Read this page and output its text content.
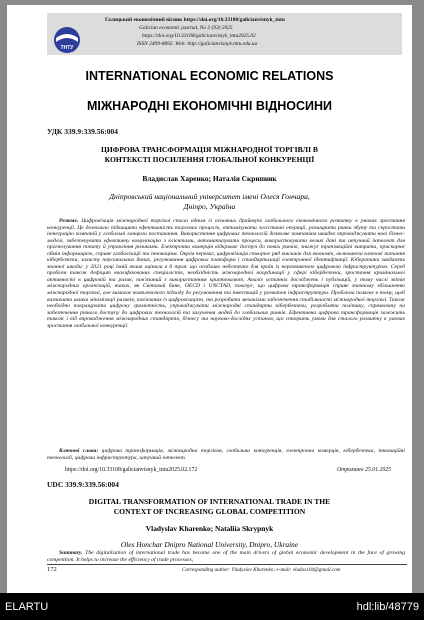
ТНТУ
Галицький економічний вісник https://doi.org/10.33108/galicianvisnyk_tntu
Galician economic journal, No 2 (93) 2025
https://doi.org/10.33108/galicianvisnyk_tntu2025.02
ISSN 2409-8892. Web: http://galicianvisnyk.tntu.edu.ua
INTERNATIONAL ECONOMIC RELATIONS
МІЖНАРОДНІ ЕКОНОМІЧНІ ВІДНОСИНИ
УДК 339.9:339.56:004
ЦИФРОВА ТРАНСФОРМАЦІЯ МІЖНАРОДНОЇ ТОРГІВЛІ В
КОНТЕКСТІ ПОСИЛЕННЯ ГЛОБАЛЬНОЇ КОНКУРЕНЦІЇ
Владислав Харенко; Наталія Скрипник
Дніпровський національний університет імені Олеся Гончара,
Дніпро, Україна

Резюме. Цифровізація міжнародної торгівлі стала одним із основних драйверів глобального економічного розвитку в умовах зростання конкуренції. Це дозволило підвищити ефективність торгових процесів, оптимізувати логістичні операції, розширити ринки збуту та спростити інтеграцію компаній у глобальні ланцюги постачання. Використання цифрових технологій дозволяє компаніям швидко впроваджувати нові бізнес-моделі, забезпечувати ефективну комунікацію з клієнтами, автоматизувати процеси, використовувати великі дані та штучний інтелект для прогнозування попиту й управління ризиками. Електронна комерція відкриває доступ до нових ринків, знижує транзакційні витрати, прискорює обмін інформацією, сприяє глобалізації та інноваціям. Окрім переваг, цифровізація створює ряд викликів для економік, включаючи ключові питання кібербезпеки, захисту персональних даних, регулювання цифрових платформ і стандартизації електронної ідентифікації. Кібератаки завдають значної шкоди: у 2021 році їхній вплив оцінили в 6 трлн. що особливо небезпечно для країн із нерозвиненою цифровою інфраструктурою. Серед проблем також дефіцит кваліфікованих спеціалістів, необхідність міжнародної координації у сфері кібербезпеки, зростання кримінальної активності в цифровій та ризик, пов'язаний з використанням криптовалют. Аналіз останніх досліджень і публікацій, у тому числі звітів міжнародних організацій, таких, як Світовий банк, OECD і UNCTAD, показує, що цифрова трансформація сприяє значному збільшенню міжнародної торгівлі, але вимагає комплексного підходу до регулювання та інвестицій у розвиток інфраструктури. Проблема полягає в тому, щоб визначити шляхи мінімізації ризиків, пов'язаних із цифровізацією, та розробити механізми забезпечення стабільності міжнародної торгівлі. Також необхідно покращувати цифрову грамотність, упроваджувати міжнародні стандарти кібербезпеки, розробляти політику, спрямовану на забезпечення рівного доступу до цифрових технологій та залучення людей до глобальних ринків. Ефективна цифрова трансформація залежить також і від впровадження міжнародних стандартів, бізнесу та науково-досліднх установ, що створить умови для сталого розвитку в умовах зростання глобальної конкуренції.

Ключові слова: цифрова трансформація, міжнародна торгівля, глобальна конкуренція, електронна комерція, кібербезпека, інноваційні технології, цифрова інфраструктура, штучний інтелект.

https://doi.org/10.33108/galicianvisnyk_tntu2025.02.172	Отримано 25.01.2025
UDC 339.9:339.56:004
DIGITAL TRANSFORMATION OF INTERNATIONAL TRADE IN THE
CONTEXT OF INCREASING GLOBAL COMPETITION
Vladyslav Kharenko; Nataliia Skrypnyk
Oles Honchar Dnipro National University, Dnipro, Ukraine

Summary. The digitalization of international trade has become one of the main drivers of global economic development in the face of growing competition. It helps to increase the efficiency of trade processes,

172	Corresponding author: Vladyslav Kharenko; e-mail: vlados104@gmail.com
ELARTU	hdl:lib/48779
